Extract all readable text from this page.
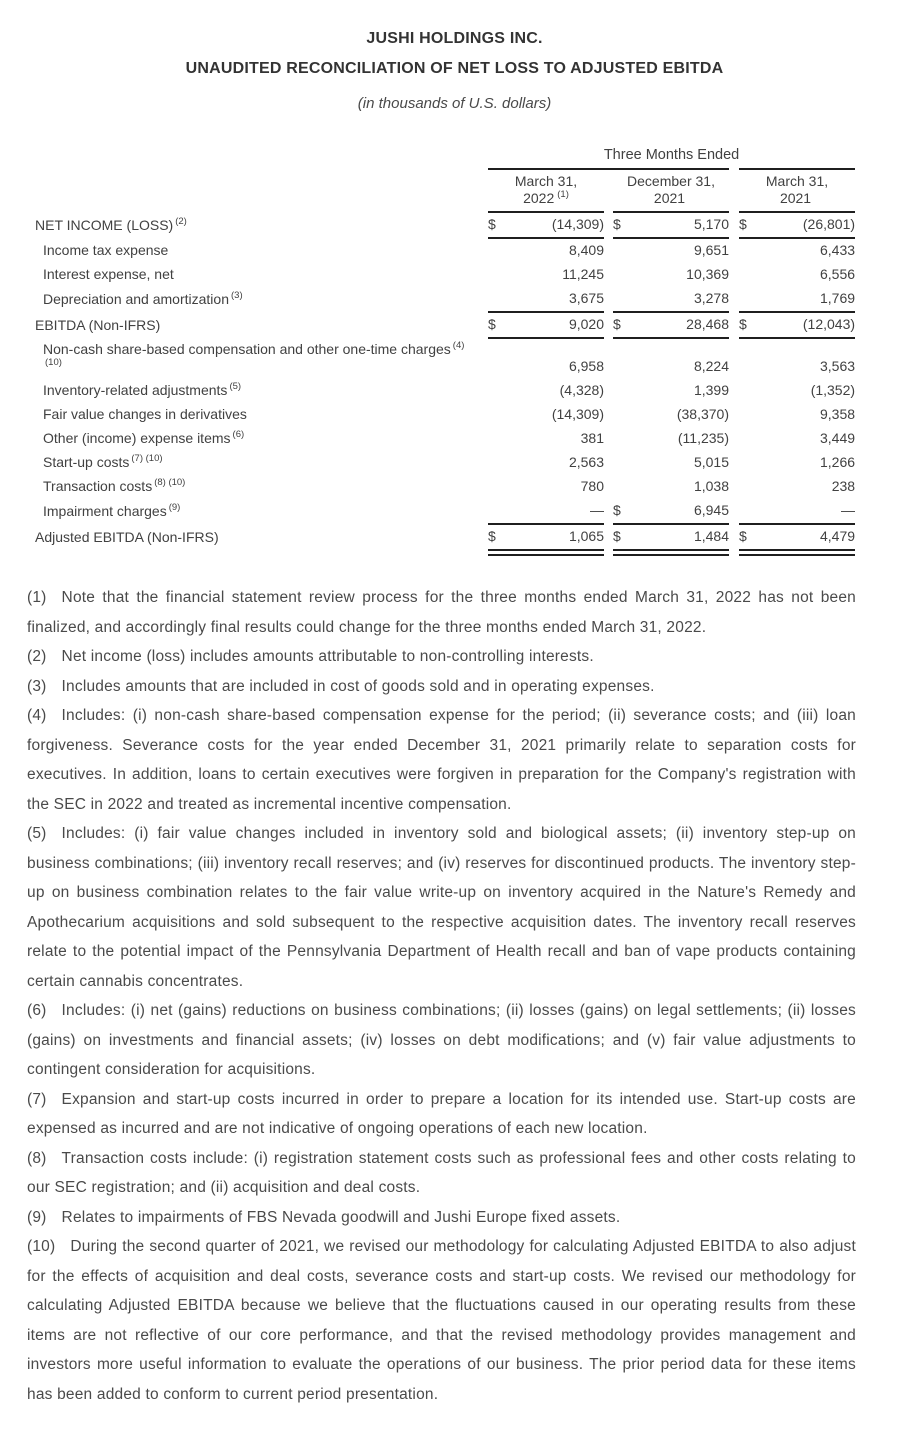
JUSHI HOLDINGS INC.
UNAUDITED RECONCILIATION OF NET LOSS TO ADJUSTED EBITDA
(in thousands of U.S. dollars)
	Three Months Ended							

March 31,
2022 $^{(1)}$

December 31,
2021

March 31,
2021

NET INCOME (LOSS) $^{(2)}$	$	(14,309)		$	5,170		$	(26,801)
Income tax expense		8,409			9,651			6,433
Interest expense, net		11,245			10,369			6,556
Depreciation and amortization $^{(3)}$		3,675			3,278			1,769
EBITDA (Non-IFRS)	$	9,020		$	28,468		$	(12,043)
Non-cash share-based compensation and other one-time charges $^{(4)}$
$^{(10)}$		6,958			8,224			3,563
Inventory-related adjustments $^{(5)}$		(4,328)			1,399			(1,352)
Fair value changes in derivatives		(14,309)			(38,370)			9,358
Other (income) expense items $^{(6)}$		381			(11,235)			3,449
Start-up costs $^{(7) (10)}$		2,563			5,015			1,266
Transaction costs $^{(8) (10)}$		780			1,038			238
Impairment charges $^{(9)}$		—		$	6,945			—
Adjusted EBITDA (Non-IFRS)	$	1,065		$	1,484		$	4,479

(1) Note that the financial statement review process for the three months ended March 31, 2022 has not been finalized, and accordingly final results could change for the three months ended March 31, 2022.

(2) Net income (loss) includes amounts attributable to non-controlling interests.

(3) Includes amounts that are included in cost of goods sold and in operating expenses.

(4) Includes: (i) non-cash share-based compensation expense for the period; (ii) severance costs; and (iii) loan forgiveness. Severance costs for the year ended December 31, 2021 primarily relate to separation costs for executives. In addition, loans to certain executives were forgiven in preparation for the Company's registration with the SEC in 2022 and treated as incremental incentive compensation.

(5) Includes: (i) fair value changes included in inventory sold and biological assets; (ii) inventory step-up on business combinations; (iii) inventory recall reserves; and (iv) reserves for discontinued products. The inventory step-up on business combination relates to the fair value write-up on inventory acquired in the Nature's Remedy and Apothecarium acquisitions and sold subsequent to the respective acquisition dates. The inventory recall reserves relate to the potential impact of the Pennsylvania Department of Health recall and ban of vape products containing certain cannabis concentrates.

(6) Includes: (i) net (gains) reductions on business combinations; (ii) losses (gains) on legal settlements; (ii) losses (gains) on investments and financial assets; (iv) losses on debt modifications; and (v) fair value adjustments to contingent consideration for acquisitions.

(7) Expansion and start-up costs incurred in order to prepare a location for its intended use. Start-up costs are expensed as incurred and are not indicative of ongoing operations of each new location.

(8) Transaction costs include: (i) registration statement costs such as professional fees and other costs relating to our SEC registration; and (ii) acquisition and deal costs.

(9) Relates to impairments of FBS Nevada goodwill and Jushi Europe fixed assets.

(10) During the second quarter of 2021, we revised our methodology for calculating Adjusted EBITDA to also adjust for the effects of acquisition and deal costs, severance costs and start-up costs. We revised our methodology for calculating Adjusted EBITDA because we believe that the fluctuations caused in our operating results from these items are not reflective of our core performance, and that the revised methodology provides management and investors more useful information to evaluate the operations of our business. The prior period data for these items has been added to conform to current period presentation.
